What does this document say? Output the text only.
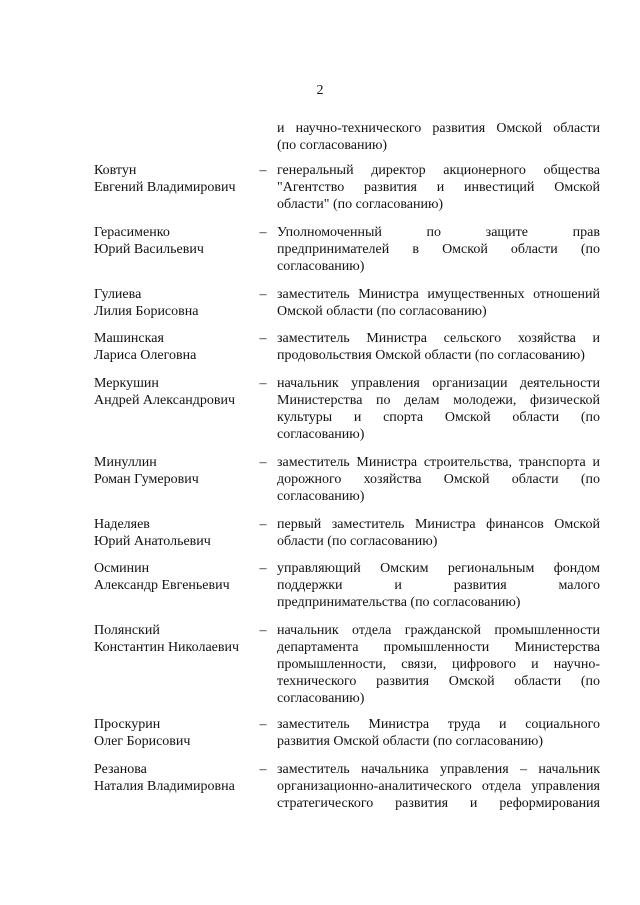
2
и научно-технического развития Омской области
(по согласованию)
Ковтун
Евгений Владимирович
– генеральный директор акционерного общества
"Агентство развития и инвестиций Омской
области" (по согласованию)
Герасименко
Юрий Васильевич
– Уполномоченный по защите прав
предпринимателей в Омской области (по
согласованию)
Гулиева
Лилия Борисовна
– заместитель Министра имущественных отношений
Омской области (по согласованию)
Машинская
Лариса Олеговна
– заместитель Министра сельского хозяйства и
продовольствия Омской области (по согласованию)
Меркушин
Андрей Александрович
– начальник управления организации деятельности
Министерства по делам молодежи, физической
культуры и спорта Омской области (по
согласованию)
Минуллин
Роман Гумерович
– заместитель Министра строительства, транспорта и
дорожного хозяйства Омской области (по
согласованию)
Наделяев
Юрий Анатольевич
– первый заместитель Министра финансов Омской
области (по согласованию)
Осминин
Александр Евгеньевич
– управляющий Омским региональным фондом
поддержки и развития малого
предпринимательства (по согласованию)
Полянский
Константин Николаевич
– начальник отдела гражданской промышленности
департамента промышленности Министерства
промышленности, связи, цифрового и научно-
технического развития Омской области (по
согласованию)
Проскурин
Олег Борисович
– заместитель Министра труда и социального
развития Омской области (по согласованию)
Резанова
Наталия Владимировна
– заместитель начальника управления – начальник
организационно-аналитического отдела управления
стратегического развития и реформирования
